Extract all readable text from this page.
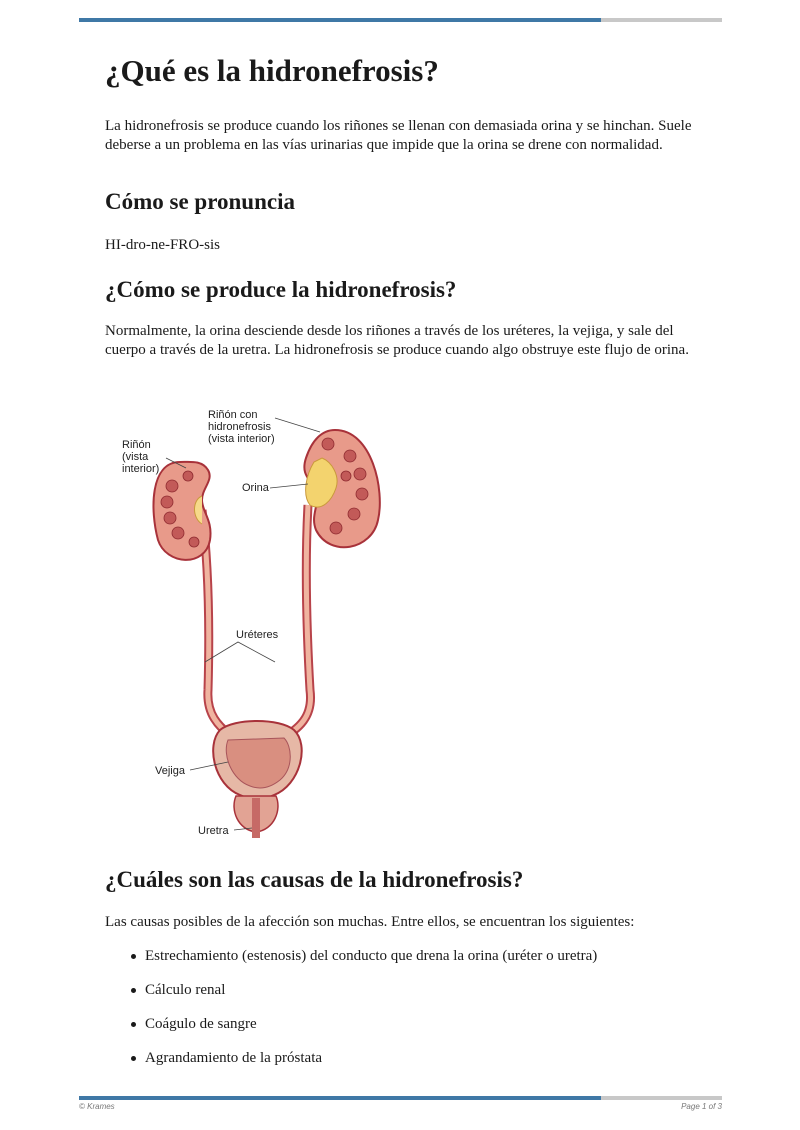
¿Qué es la hidronefrosis?

La hidronefrosis se produce cuando los riñones se llenan con demasiada orina y se hinchan. Suele deberse a un problema en las vías urinarias que impide que la orina se drene con normalidad.

Cómo se pronuncia

HI-dro-ne-FRO-sis

¿Cómo se produce la hidronefrosis?

Normalmente, la orina desciende desde los riñones a través de los uréteres, la vejiga, y sale del cuerpo a través de la uretra. La hidronefrosis se produce cuando algo obstruye este flujo de orina.

Riñón
(vista
interior)
Riñón con
hidronefrosis
(vista interior)
Orina
Uréteres
Vejiga
Uretra
¿Cuáles son las causas de la hidronefrosis?

Las causas posibles de la afección son muchas. Entre ellos, se encuentran los siguientes:

Estrechamiento (estenosis) del conducto que drena la orina (uréter o uretra)
Cálculo renal
Coágulo de sangre
Agrandamiento de la próstata
© Krames	Page 1 of 3
